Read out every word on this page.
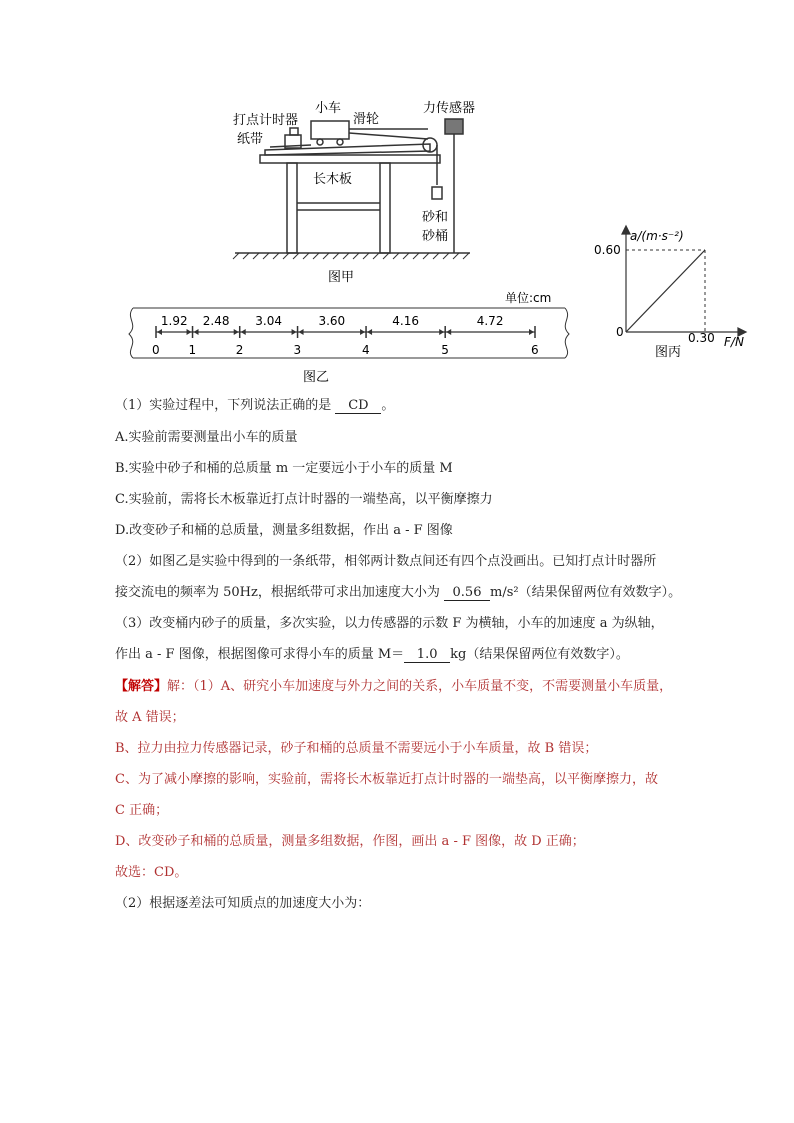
打点计时器
纸带
小车
滑轮
力传感器
长木板
砂和
砂桶
图甲
单位:cm
0 1	2	3	4	5	6
1.92 2.48 3.04	3.60	4.16	4.72
图乙
a/(m·s⁻²)
0.60
0	0.30 F/N
图丙
（1）实验过程中，下列说法正确的是 CD 。
A.实验前需要测量出小车的质量
B.实验中砂子和桶的总质量 m 一定要远小于小车的质量 M
C.实验前，需将长木板靠近打点计时器的一端垫高，以平衡摩擦力
D.改变砂子和桶的总质量，测量多组数据，作出 a - F 图像
（2）如图乙是实验中得到的一条纸带，相邻两计数点间还有四个点没画出。已知打点计时器所
接交流电的频率为 50Hz，根据纸带可求出加速度大小为 0.56 m/s²（结果保留两位有效数字）。
（3）改变桶内砂子的质量，多次实验，以力传感器的示数 F 为横轴，小车的加速度 a 为纵轴，
作出 a - F 图像，根据图像可求得小车的质量 M＝ 1.0 kg（结果保留两位有效数字）。
【解答】解：（1）A、研究小车加速度与外力之间的关系，小车质量不变，不需要测量小车质量，
故 A 错误；
B、拉力由拉力传感器记录，砂子和桶的总质量不需要远小于小车质量，故 B 错误；
C、为了减小摩擦的影响，实验前，需将长木板靠近打点计时器的一端垫高，以平衡摩擦力，故
C 正确；
D、改变砂子和桶的总质量，测量多组数据，作图，画出 a - F 图像，故 D 正确；
故选：CD。
（2）根据逐差法可知质点的加速度大小为：
